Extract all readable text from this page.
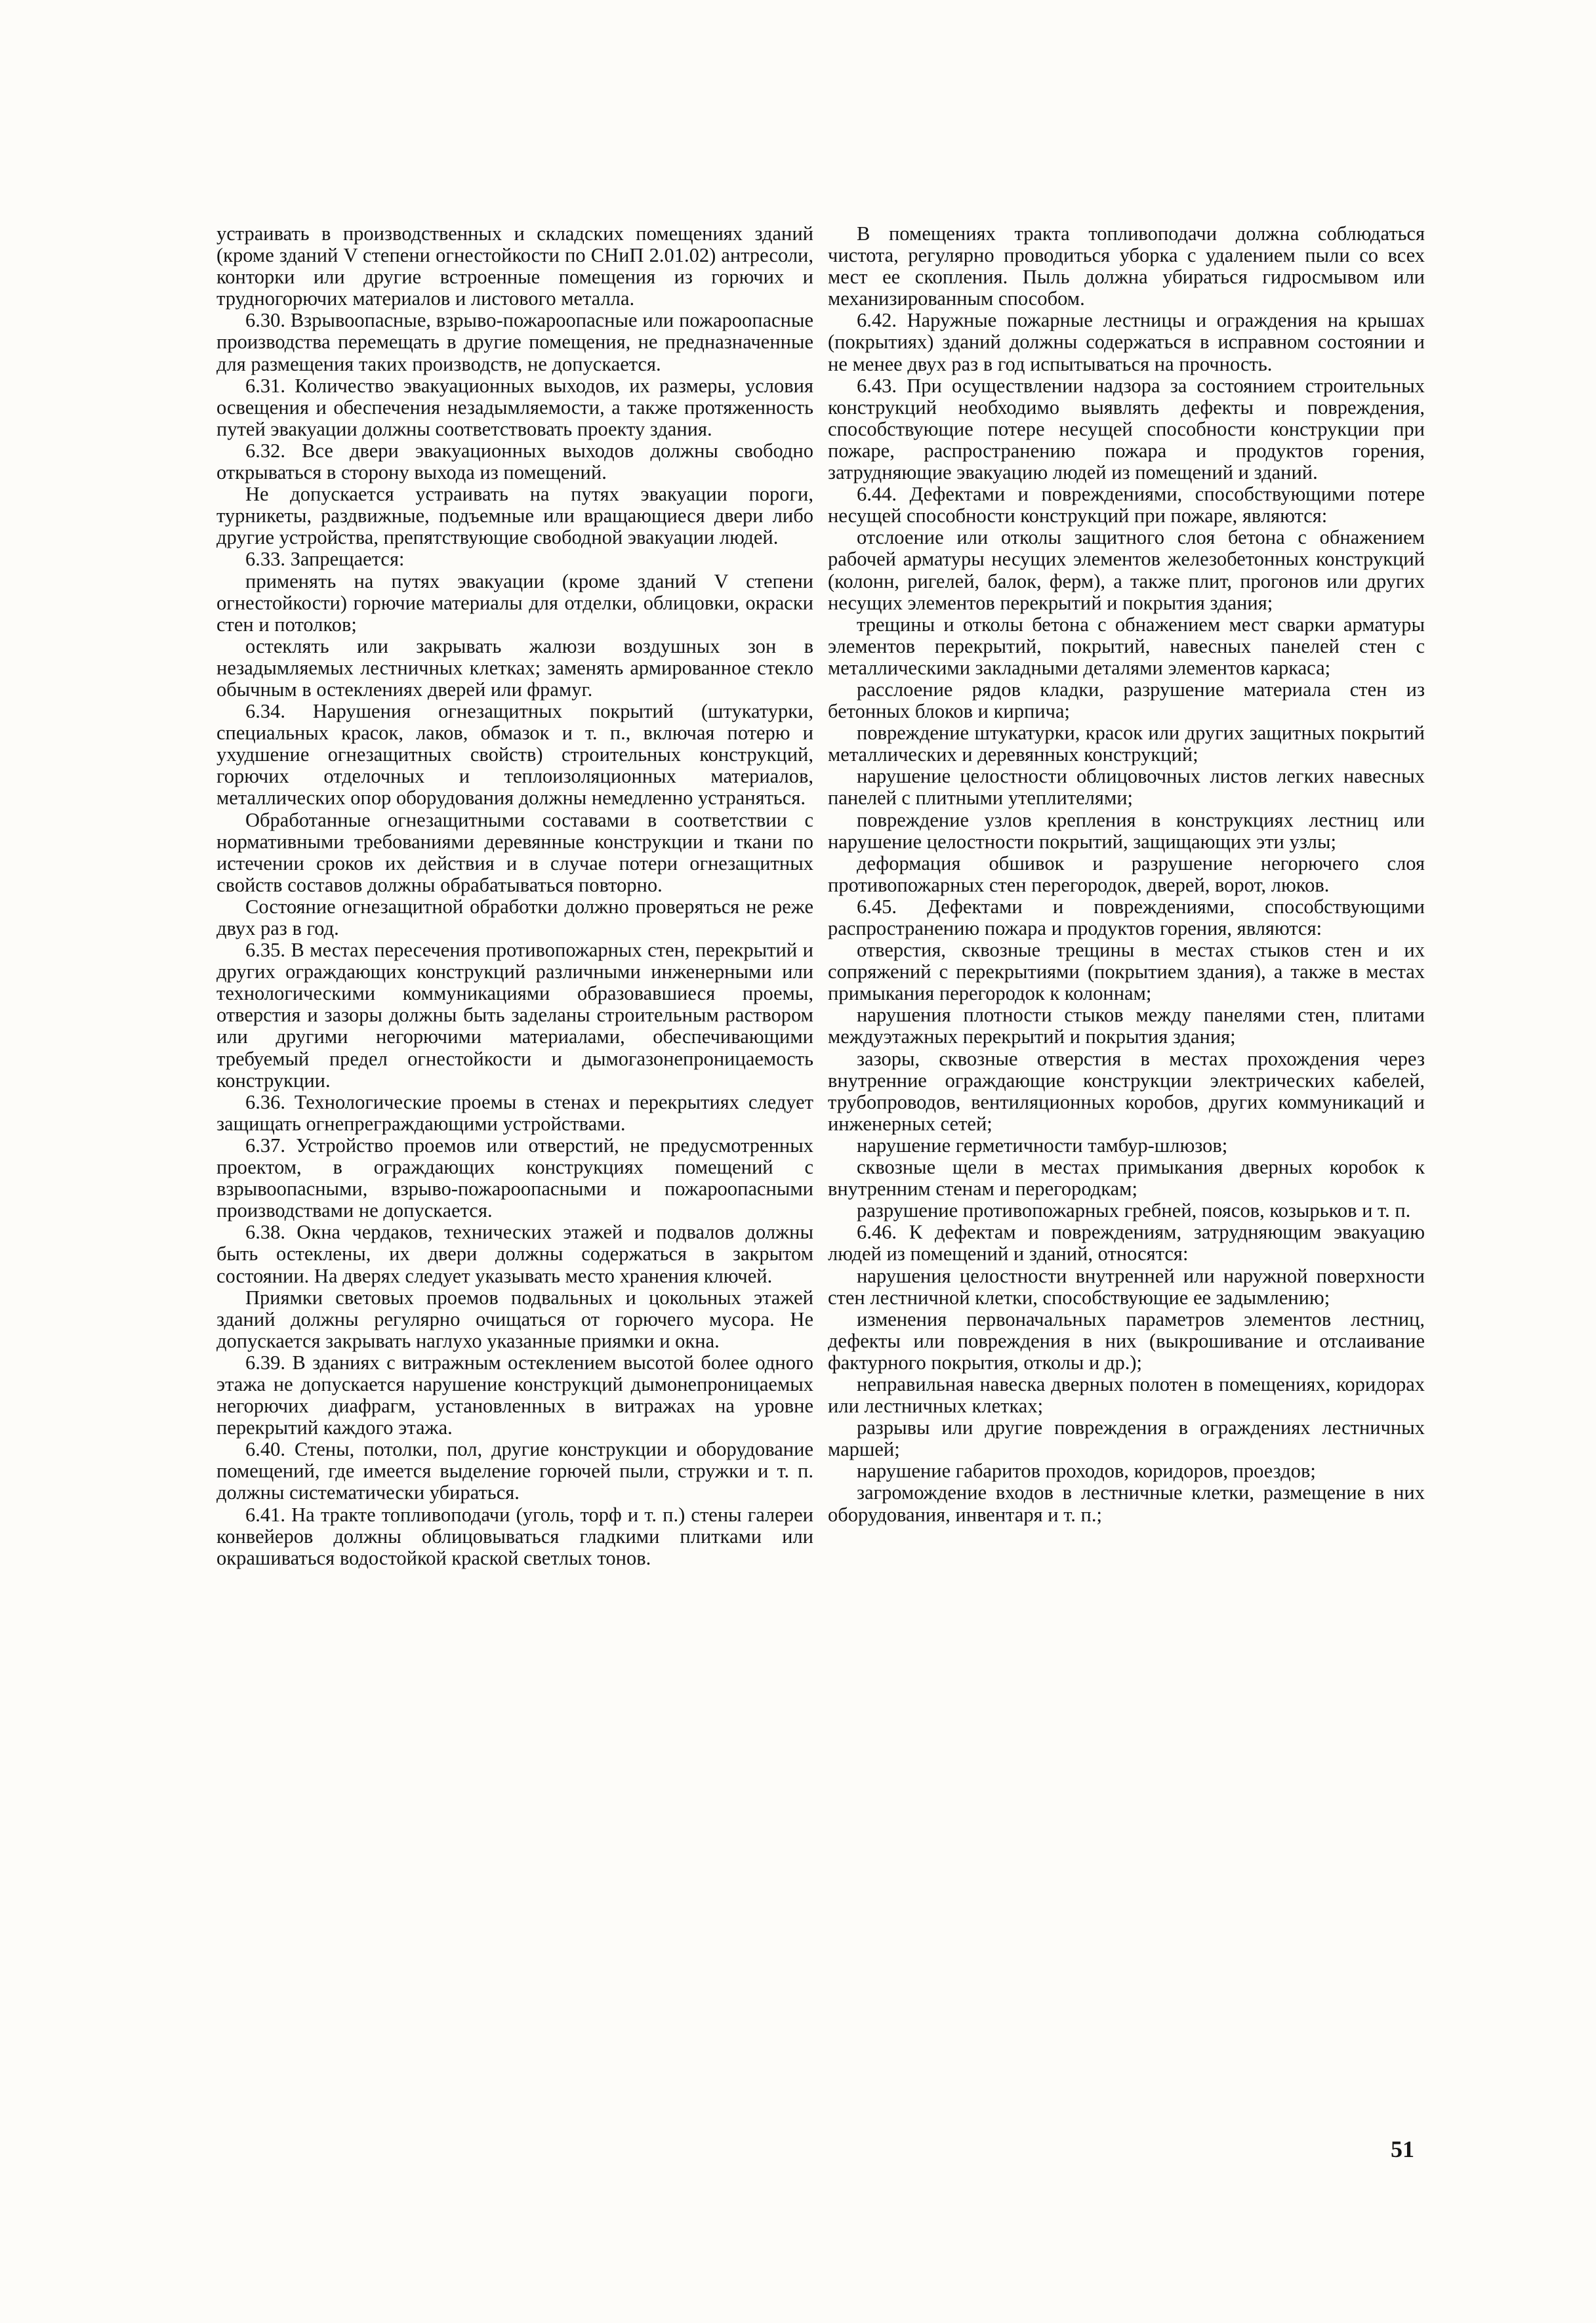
устраивать в производственных и складских помещениях зданий (кроме зданий V степени огнестойкости по СНиП 2.01.02) антресоли, конторки или другие встроенные помещения из горючих и трудногорючих материалов и листового металла.

6.30. Взрывоопасные, взрыво-пожароопасные или пожароопасные производства перемещать в другие помещения, не предназначенные для размещения таких производств, не допускается.

6.31. Количество эвакуационных выходов, их размеры, условия освещения и обеспечения незадымляемости, а также протяженность путей эвакуации должны соответствовать проекту здания.

6.32. Все двери эвакуационных выходов должны свободно открываться в сторону выхода из помещений.

Не допускается устраивать на путях эвакуации пороги, турникеты, раздвижные, подъемные или вращающиеся двери либо другие устройства, препятствующие свободной эвакуации людей.

6.33. Запрещается:

применять на путях эвакуации (кроме зданий V степени огнестойкости) горючие материалы для отделки, облицовки, окраски стен и потолков;

остеклять или закрывать жалюзи воздушных зон в незадымляемых лестничных клетках; заменять армированное стекло обычным в остеклениях дверей или фрамуг.

6.34. Нарушения огнезащитных покрытий (штукатурки, специальных красок, лаков, обмазок и т. п., включая потерю и ухудшение огнезащитных свойств) строительных конструкций, горючих отделочных и теплоизоляционных материалов, металлических опор оборудования должны немедленно устраняться.

Обработанные огнезащитными составами в соответствии с нормативными требованиями деревянные конструкции и ткани по истечении сроков их действия и в случае потери огнезащитных свойств составов должны обрабатываться повторно.

Состояние огнезащитной обработки должно проверяться не реже двух раз в год.

6.35. В местах пересечения противопожарных стен, перекрытий и других ограждающих конструкций различными инженерными или технологическими коммуникациями образовавшиеся проемы, отверстия и зазоры должны быть заделаны строительным раствором или другими негорючими материалами, обеспечивающими требуемый предел огнестойкости и дымогазонепроницаемость конструкции.

6.36. Технологические проемы в стенах и перекрытиях следует защищать огнепреграждающими устройствами.

6.37. Устройство проемов или отверстий, не предусмотренных проектом, в ограждающих конструкциях помещений с взрывоопасными, взрыво-пожароопасными и пожароопасными производствами не допускается.

6.38. Окна чердаков, технических этажей и подвалов должны быть остеклены, их двери должны содержаться в закрытом состоянии. На дверях следует указывать место хранения ключей.

Приямки световых проемов подвальных и цокольных этажей зданий должны регулярно очищаться от горючего мусора. Не допускается закрывать наглухо указанные приямки и окна.

6.39. В зданиях с витражным остеклением высотой более одного этажа не допускается нарушение конструкций дымонепроницаемых негорючих диафрагм, установленных в витражах на уровне перекрытий каждого этажа.

6.40. Стены, потолки, пол, другие конструкции и оборудование помещений, где имеется выделение горючей пыли, стружки и т. п. должны систематически убираться.

6.41. На тракте топливоподачи (уголь, торф и т. п.) стены галереи конвейеров должны облицовываться гладкими плитками или окрашиваться водостойкой краской светлых тонов.

В помещениях тракта топливоподачи должна соблюдаться чистота, регулярно проводиться уборка с удалением пыли со всех мест ее скопления. Пыль должна убираться гидросмывом или механизированным способом.

6.42. Наружные пожарные лестницы и ограждения на крышах (покрытиях) зданий должны содержаться в исправном состоянии и не менее двух раз в год испытываться на прочность.

6.43. При осуществлении надзора за состоянием строительных конструкций необходимо выявлять дефекты и повреждения, способствующие потере несущей способности конструкции при пожаре, распространению пожара и продуктов горения, затрудняющие эвакуацию людей из помещений и зданий.

6.44. Дефектами и повреждениями, способствующими потере несущей способности конструкций при пожаре, являются:

отслоение или отколы защитного слоя бетона с обнажением рабочей арматуры несущих элементов железобетонных конструкций (колонн, ригелей, балок, ферм), а также плит, прогонов или других несущих элементов перекрытий и покрытия здания;

трещины и отколы бетона с обнажением мест сварки арматуры элементов перекрытий, покрытий, навесных панелей стен с металлическими закладными деталями элементов каркаса;

расслоение рядов кладки, разрушение материала стен из бетонных блоков и кирпича;

повреждение штукатурки, красок или других защитных покрытий металлических и деревянных конструкций;

нарушение целостности облицовочных листов легких навесных панелей с плитными утеплителями;

повреждение узлов крепления в конструкциях лестниц или нарушение целостности покрытий, защищающих эти узлы;

деформация обшивок и разрушение негорючего слоя противопожарных стен перегородок, дверей, ворот, люков.

6.45. Дефектами и повреждениями, способствующими распространению пожара и продуктов горения, являются:

отверстия, сквозные трещины в местах стыков стен и их сопряжений с перекрытиями (покрытием здания), а также в местах примыкания перегородок к колоннам;

нарушения плотности стыков между панелями стен, плитами междуэтажных перекрытий и покрытия здания;

зазоры, сквозные отверстия в местах прохождения через внутренние ограждающие конструкции электрических кабелей, трубопроводов, вентиляционных коробов, других коммуникаций и инженерных сетей;

нарушение герметичности тамбур-шлюзов;

сквозные щели в местах примыкания дверных коробок к внутренним стенам и перегородкам;

разрушение противопожарных гребней, поясов, козырьков и т. п.

6.46. К дефектам и повреждениям, затрудняющим эвакуацию людей из помещений и зданий, относятся:

нарушения целостности внутренней или наружной поверхности стен лестничной клетки, способствующие ее задымлению;

изменения первоначальных параметров элементов лестниц, дефекты или повреждения в них (выкрошивание и отслаивание фактурного покрытия, отколы и др.);

неправильная навеска дверных полотен в помещениях, коридорах или лестничных клетках;

разрывы или другие повреждения в ограждениях лестничных маршей;

нарушение габаритов проходов, коридоров, проездов;

загромождение входов в лестничные клетки, размещение в них оборудования, инвентаря и т. п.;

51
